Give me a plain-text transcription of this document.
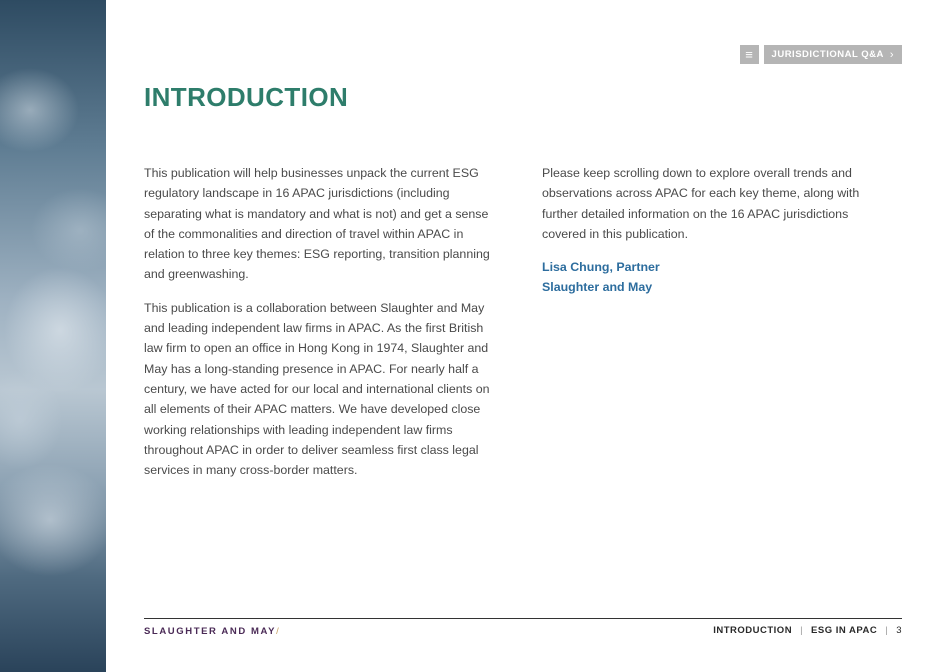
≡	JURISDICTIONAL Q&A ›
INTRODUCTION

This publication will help businesses unpack the current ESG regulatory landscape in 16 APAC jurisdictions (including separating what is mandatory and what is not) and get a sense of the commonalities and direction of travel within APAC in relation to three key themes: ESG reporting, transition planning and greenwashing.

This publication is a collaboration between Slaughter and May and leading independent law firms in APAC. As the first British law firm to open an office in Hong Kong in 1974, Slaughter and May has a long-standing presence in APAC. For nearly half a century, we have acted for our local and international clients on all elements of their APAC matters. We have developed close working relationships with leading independent law firms throughout APAC in order to deliver seamless first class legal services in many cross-border matters.

Please keep scrolling down to explore overall trends and observations across APAC for each key theme, along with further detailed information on the 16 APAC jurisdictions covered in this publication.

Lisa Chung, Partner
Slaughter and May
SLAUGHTER AND MAY/	INTRODUCTION | ESG IN APAC | 3
